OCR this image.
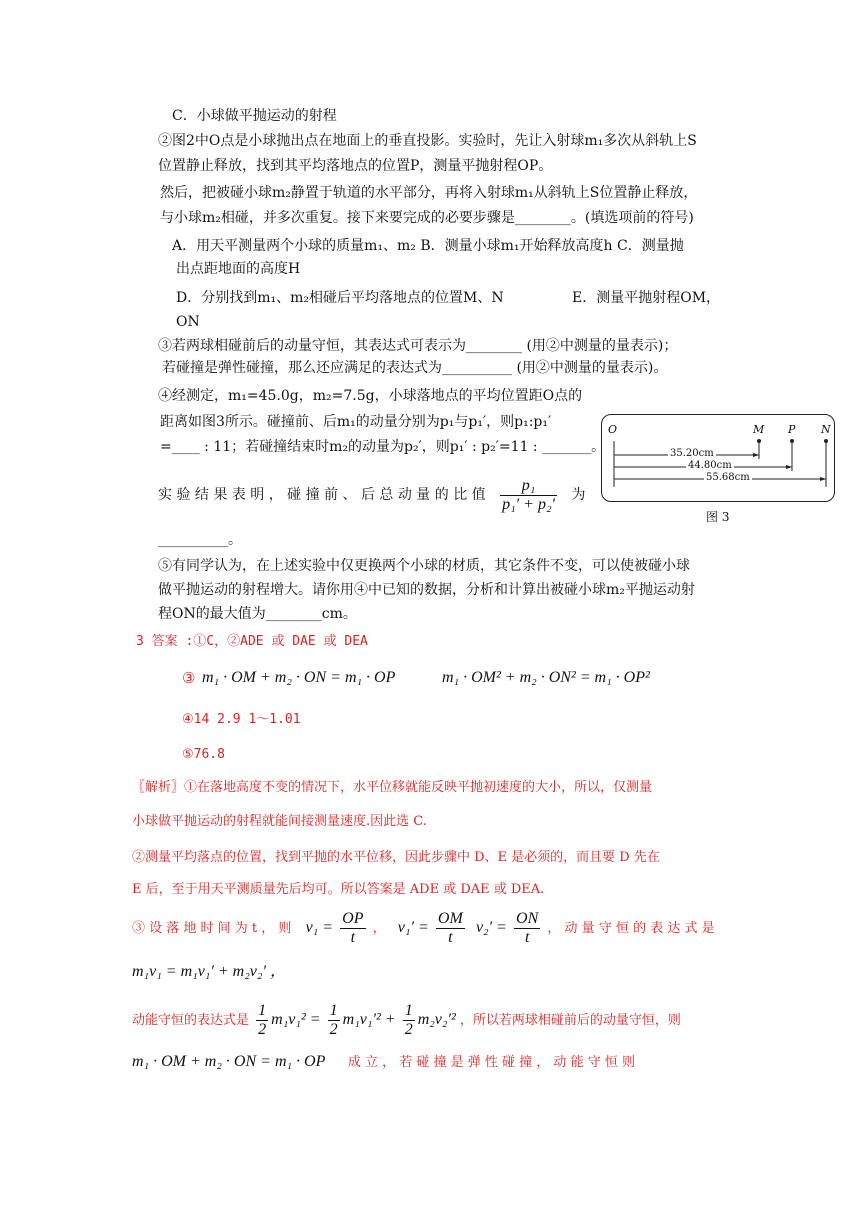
C．小球做平抛运动的射程
②图2中O点是小球抛出点在地面上的垂直投影。实验时，先让入射球m₁多次从斜轨上S
位置静止释放，找到其平均落地点的位置P，测量平抛射程OP。
然后，把被碰小球m₂静置于轨道的水平部分，再将入射球m₁从斜轨上S位置静止释放，
与小球m₂相碰，并多次重复。接下来要完成的必要步骤是________。(填选项前的符号)
A．用天平测量两个小球的质量m₁、m₂ B．测量小球m₁开始释放高度h C．测量抛
出点距地面的高度H
D．分别找到m₁、m₂相碰后平均落地点的位置M、N	E．测量平抛射程OM，
ON
③若两球相碰前后的动量守恒，其表达式可表示为________ (用②中测量的量表示)；
若碰撞是弹性碰撞，那么还应满足的表达式为__________ (用②中测量的量表示)。
④经测定，m₁=45.0g，m₂=7.5g，小球落地点的平均位置距O点的
距离如图3所示。碰撞前、后m₁的动量分别为p₁与p₁′，则p₁:p₁′
=____ : 11；若碰撞结束时m₂的动量为p₂′，则p₁′ : p₂′=11 : _______。
实 验 结 果 表 明 ， 碰 撞 前 、 后 总 动 量 的 比 值 $\frac{\text{p₁}}{\text{p₁′ + p₂′}}$ 为
__________。
⑤有同学认为，在上述实验中仅更换两个小球的材质，其它条件不变，可以使被碰小球
做平抛运动的射程增大。请你用④中已知的数据，分析和计算出被碰小球m₂平抛运动射
程ON的最大值为________cm。
O	M P N
35.20cm
44.80cm
55.68cm
图 3
3 答案 :①C，②ADE 或 DAE 或 DEA
③ m₁ · OM + m₂ · ON = m₁ · OP	m₁ · OM² + m₂ · ON² = m₁ · OP²
④14 2.9 1～1.01
⑤76.8
〖解析〗①在落地高度不变的情况下，水平位移就能反映平抛初速度的大小，所以，仅测量
小球做平抛运动的射程就能间接测量速度.因此选 C.
②测量平均落点的位置，找到平抛的水平位移，因此步骤中 D、E 是必须的，而且要 D 先在
E 后，至于用天平测质量先后均可。所以答案是 ADE 或 DAE 或 DEA.
③ 设 落 地 时 间 为 t ， 则 $v_1 = \frac{OP}{t}$ ， $v_1' = \frac{OM}{t} v_2' = \frac{ON}{t}$ ， 动 量 守 恒 的 表 达 式 是
m₁v₁ = m₁v₁′ + m₂v₂′ ，
动能守恒的表达式是 $\frac{1}{2} m_1v_1^2 = \frac{1}{2} m_1v_1'^2 + \frac{1}{2} m_2v_2'^2$ ，所以若两球相碰前后的动量守恒，则
m₁ · OM + m₂ · ON = m₁ · OP 成 立 ， 若 碰 撞 是 弹 性 碰 撞 ， 动 能 守 恒 则
